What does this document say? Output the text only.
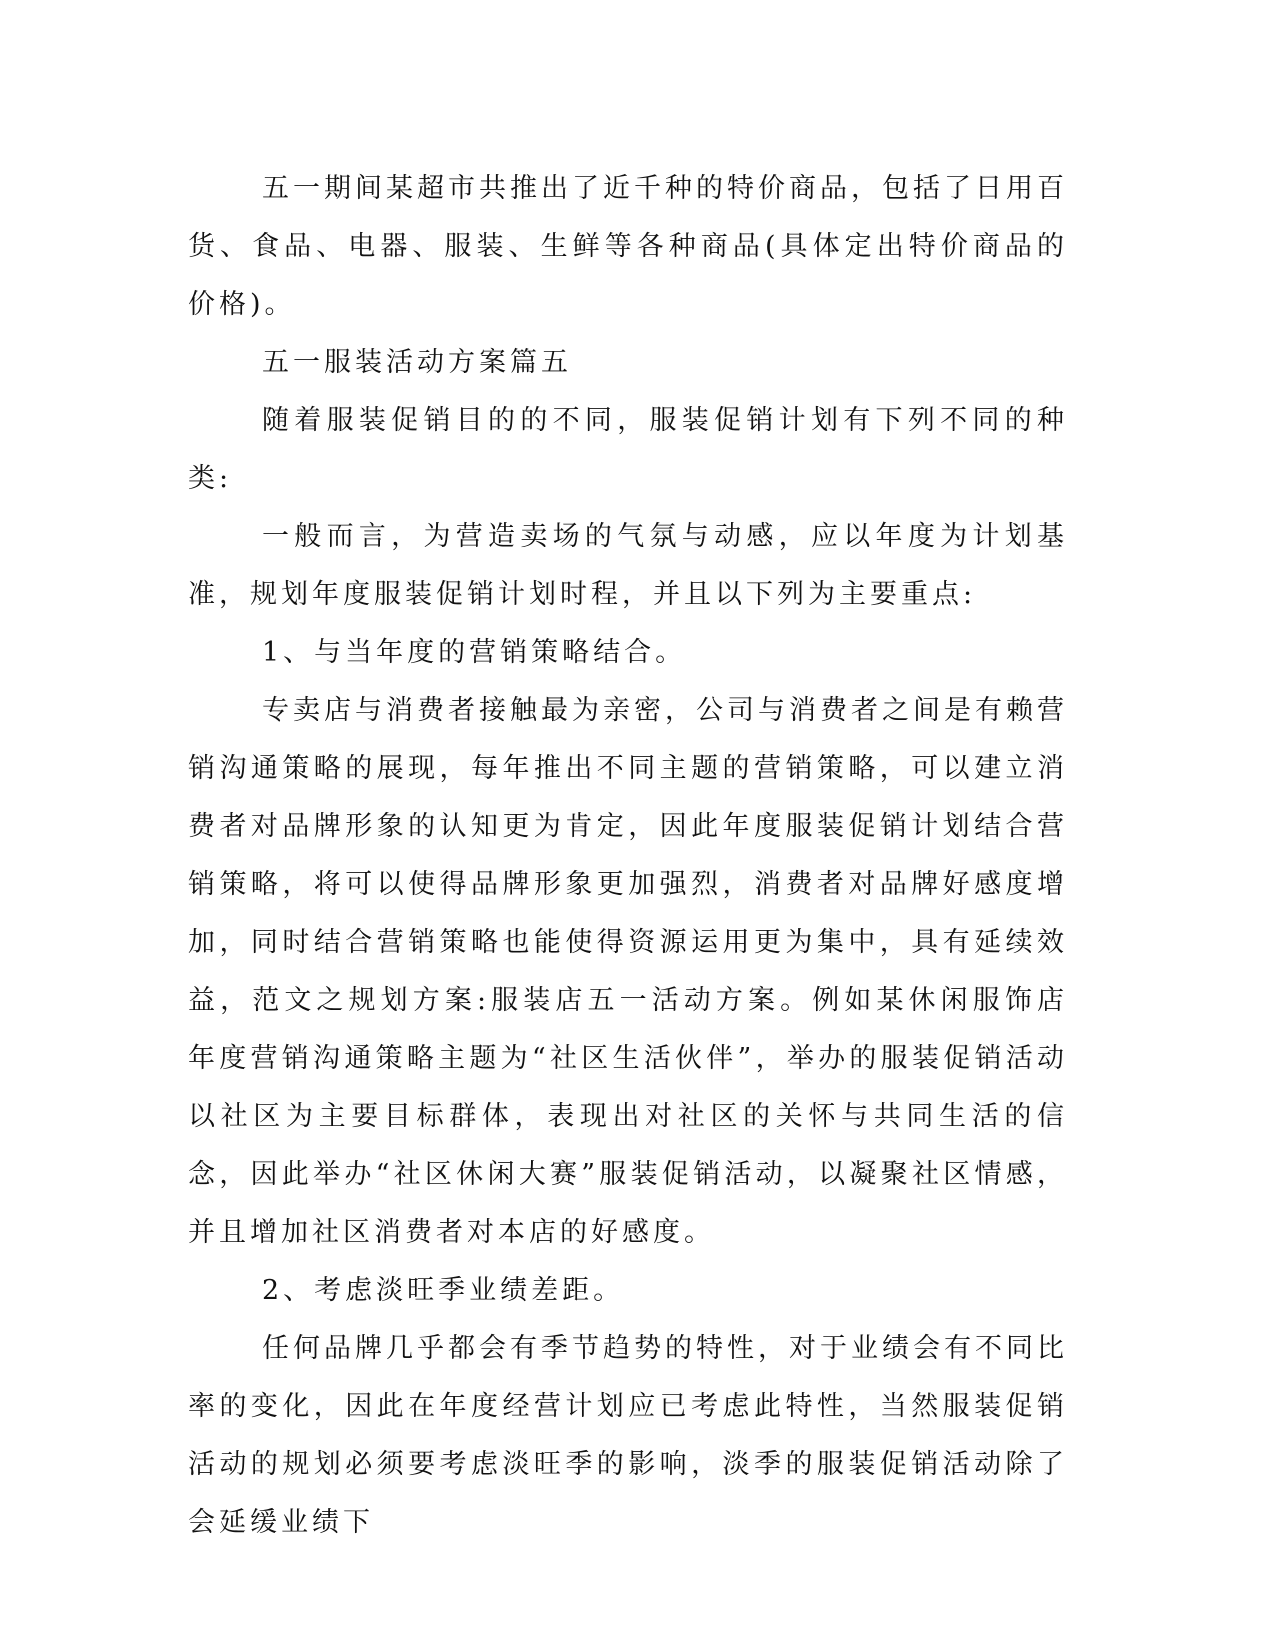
五一期间某超市共推出了近千种的特价商品，包括了日用百货、食品、电器、服装、生鲜等各种商品(具体定出特价商品的价格)。

五一服装活动方案篇五

随着服装促销目的的不同，服装促销计划有下列不同的种类:

一般而言，为营造卖场的气氛与动感，应以年度为计划基准，规划年度服装促销计划时程，并且以下列为主要重点:

1、与当年度的营销策略结合。

专卖店与消费者接触最为亲密，公司与消费者之间是有赖营销沟通策略的展现，每年推出不同主题的营销策略，可以建立消费者对品牌形象的认知更为肯定，因此年度服装促销计划结合营销策略，将可以使得品牌形象更加强烈，消费者对品牌好感度增加，同时结合营销策略也能使得资源运用更为集中，具有延续效益，范文之规划方案:服装店五一活动方案。例如某休闲服饰店年度营销沟通策略主题为“社区生活伙伴”，举办的服装促销活动以社区为主要目标群体，表现出对社区的关怀与共同生活的信念，因此举办“社区休闲大赛”服装促销活动，以凝聚社区情感，并且增加社区消费者对本店的好感度。

2、考虑淡旺季业绩差距。

任何品牌几乎都会有季节趋势的特性，对于业绩会有不同比率的变化，因此在年度经营计划应已考虑此特性，当然服装促销活动的规划必须要考虑淡旺季的影响，淡季的服装促销活动除了会延缓业绩下
